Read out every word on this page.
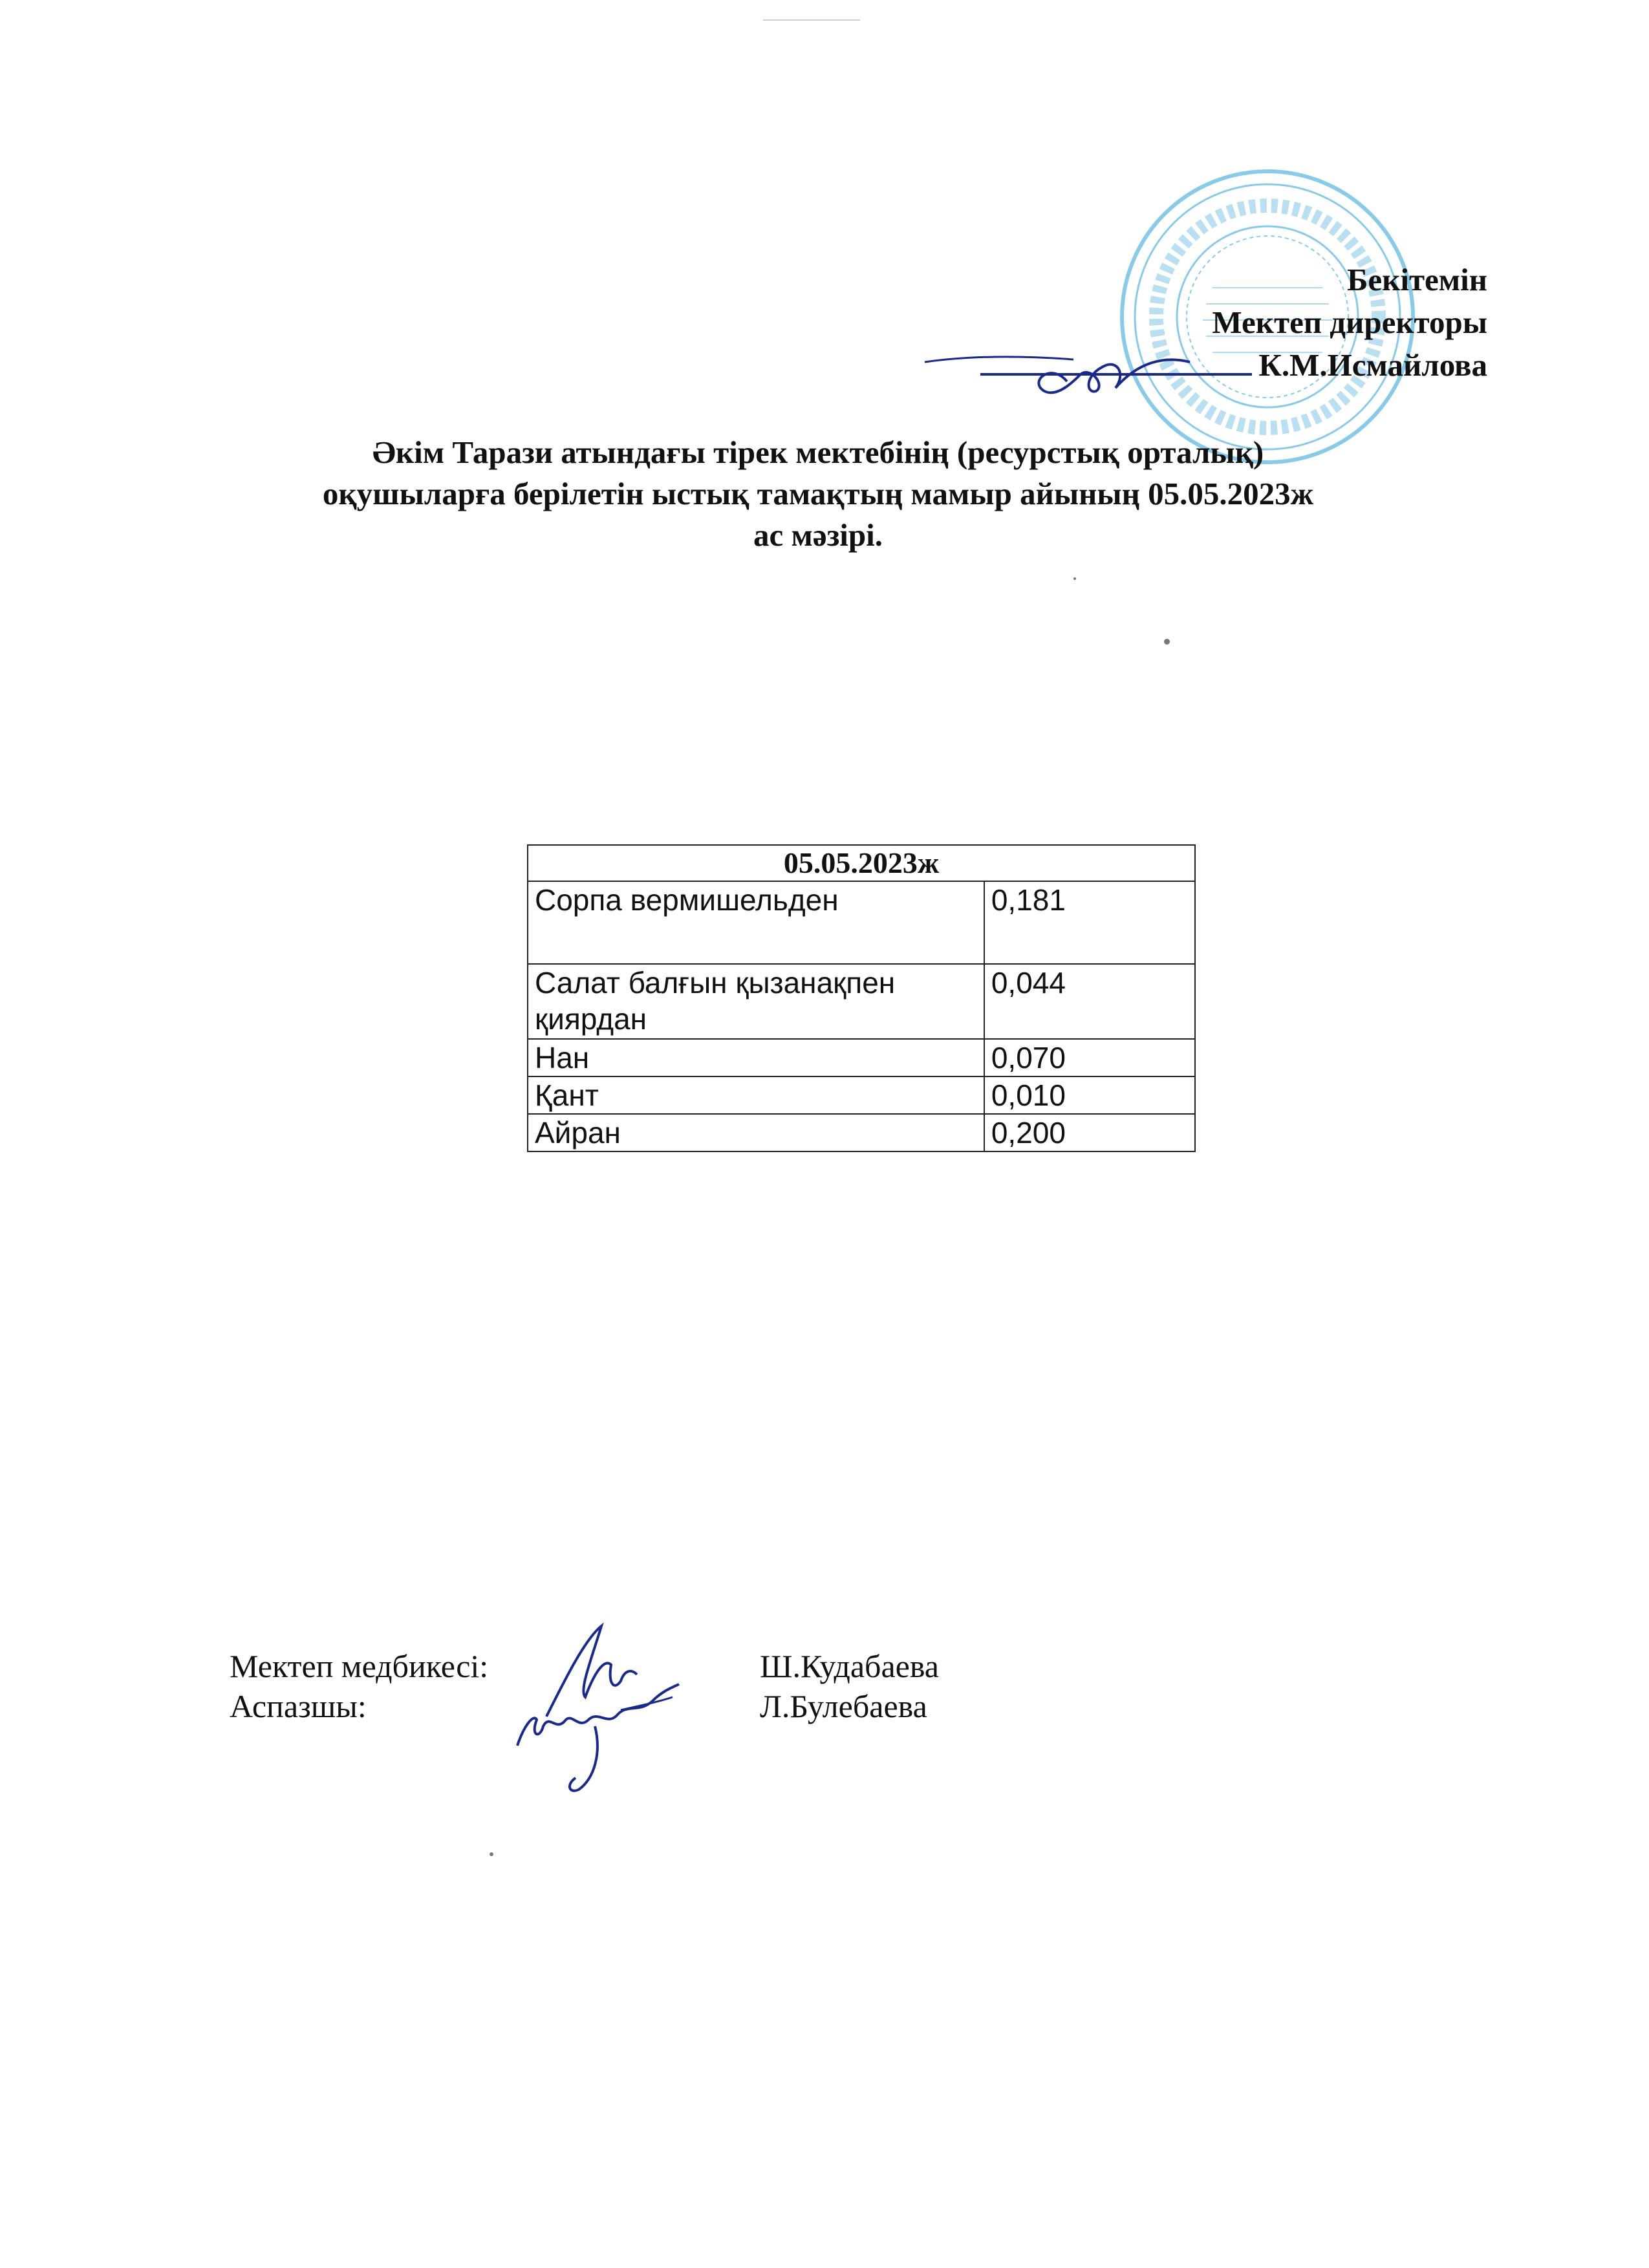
Бекітемін
Мектеп директоры
К.М.Исмайлова
Әкім Тарази атындағы тірек мектебінің (ресурстық орталық)
оқушыларға берілетін ыстық тамақтың мамыр айының 05.05.2023ж
ас мәзірі.
05.05.2023ж	
Сорпа вермишельден	0,181
Салат балғын қызанақпен қиярдан	0,044
Нан	0,070
Қант	0,010
Айран	0,200
Мектеп медбикесі:	Ш.Кудабаева
Аспазшы:	Л.Булебаева
